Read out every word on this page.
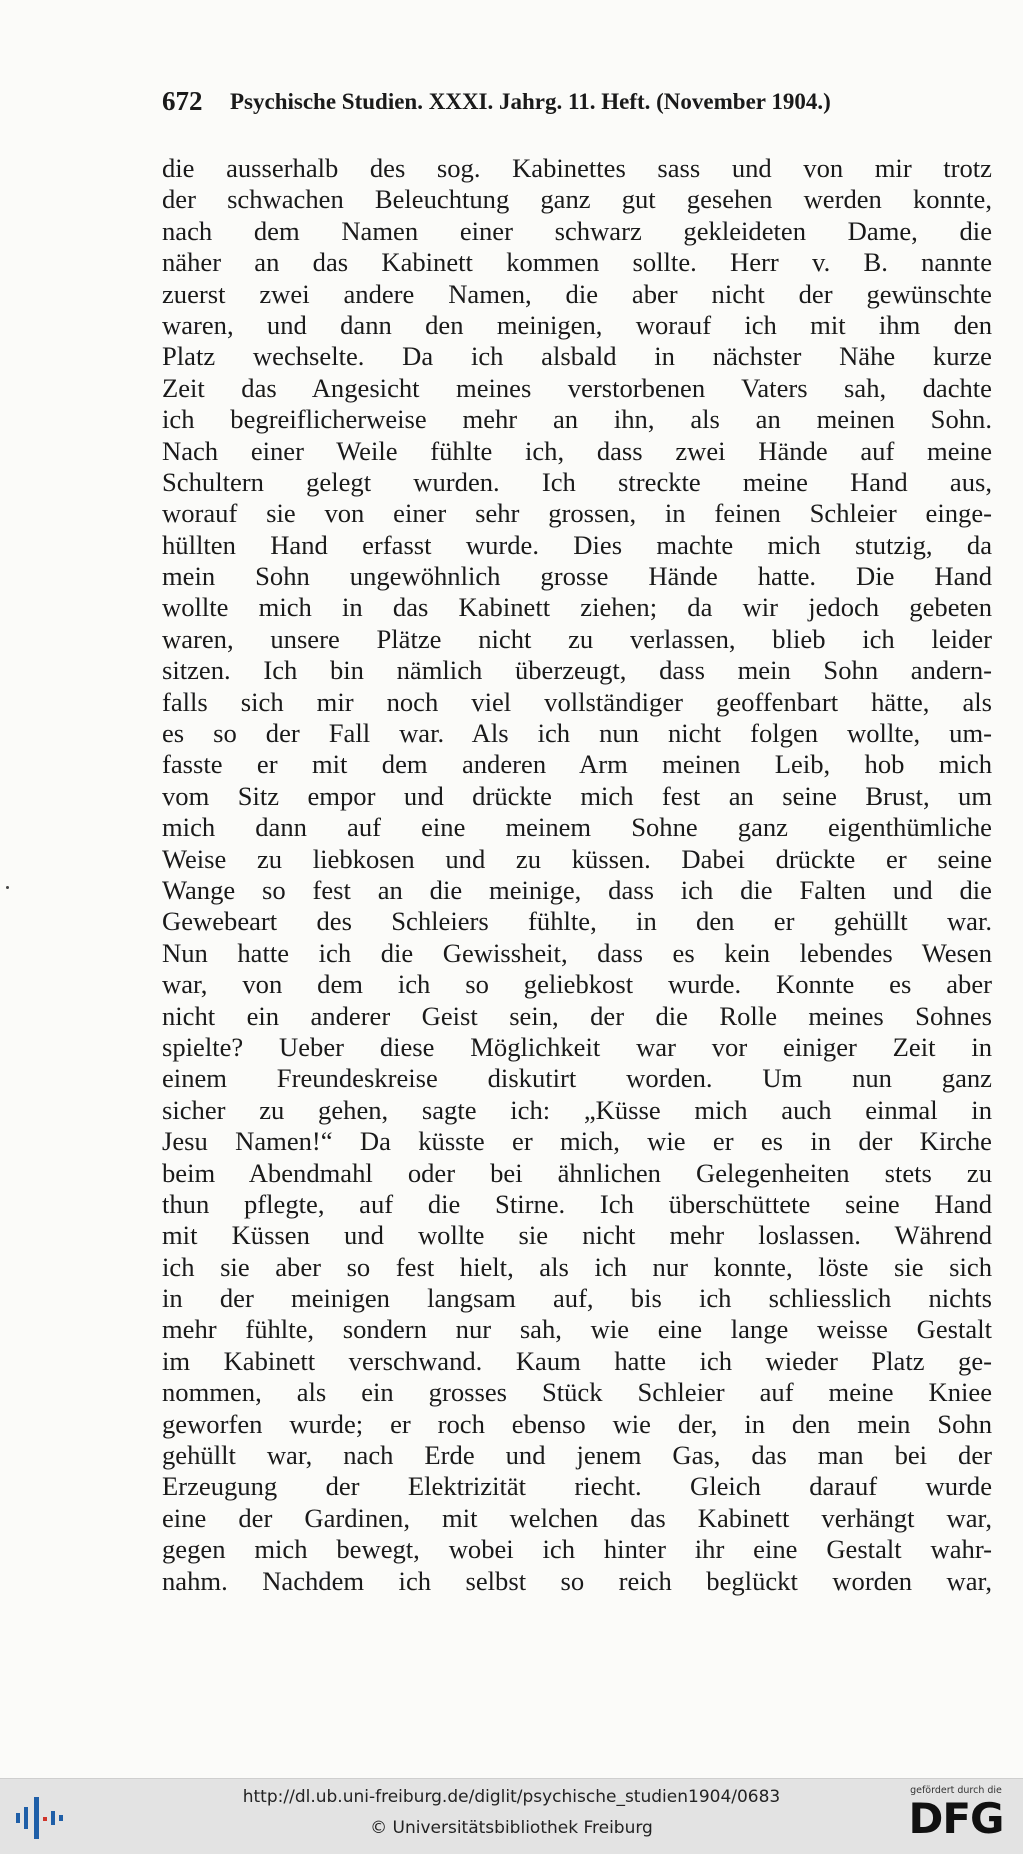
672 Psychische Studien. XXXI. Jahrg. 11. Heft. (November 1904.)
die ausserhalb des sog. Kabinettes sass und von mir trotz
der schwachen Beleuchtung ganz gut gesehen werden konnte,
nach dem Namen einer schwarz gekleideten Dame, die
näher an das Kabinett kommen sollte. Herr v. B. nannte
zuerst zwei andere Namen, die aber nicht der gewünschte
waren, und dann den meinigen, worauf ich mit ihm den
Platz wechselte. Da ich alsbald in nächster Nähe kurze
Zeit das Angesicht meines verstorbenen Vaters sah, dachte
ich begreiflicherweise mehr an ihn, als an meinen Sohn.
Nach einer Weile fühlte ich, dass zwei Hände auf meine
Schultern gelegt wurden. Ich streckte meine Hand aus,
worauf sie von einer sehr grossen, in feinen Schleier einge-
hüllten Hand erfasst wurde. Dies machte mich stutzig, da
mein Sohn ungewöhnlich grosse Hände hatte. Die Hand
wollte mich in das Kabinett ziehen; da wir jedoch gebeten
waren, unsere Plätze nicht zu verlassen, blieb ich leider
sitzen. Ich bin nämlich überzeugt, dass mein Sohn andern-
falls sich mir noch viel vollständiger geoffenbart hätte, als
es so der Fall war. Als ich nun nicht folgen wollte, um-
fasste er mit dem anderen Arm meinen Leib, hob mich
vom Sitz empor und drückte mich fest an seine Brust, um
mich dann auf eine meinem Sohne ganz eigenthümliche
Weise zu liebkosen und zu küssen. Dabei drückte er seine
Wange so fest an die meinige, dass ich die Falten und die
Gewebeart des Schleiers fühlte, in den er gehüllt war.
Nun hatte ich die Gewissheit, dass es kein lebendes Wesen
war, von dem ich so geliebkost wurde. Konnte es aber
nicht ein anderer Geist sein, der die Rolle meines Sohnes
spielte? Ueber diese Möglichkeit war vor einiger Zeit in
einem Freundeskreise diskutirt worden. Um nun ganz
sicher zu gehen, sagte ich: „Küsse mich auch einmal in
Jesu Namen!“ Da küsste er mich, wie er es in der Kirche
beim Abendmahl oder bei ähnlichen Gelegenheiten stets zu
thun pflegte, auf die Stirne. Ich überschüttete seine Hand
mit Küssen und wollte sie nicht mehr loslassen. Während
ich sie aber so fest hielt, als ich nur konnte, löste sie sich
in der meinigen langsam auf, bis ich schliesslich nichts
mehr fühlte, sondern nur sah, wie eine lange weisse Gestalt
im Kabinett verschwand. Kaum hatte ich wieder Platz ge-
nommen, als ein grosses Stück Schleier auf meine Kniee
geworfen wurde; er roch ebenso wie der, in den mein Sohn
gehüllt war, nach Erde und jenem Gas, das man bei der
Erzeugung der Elektrizität riecht. Gleich darauf wurde
eine der Gardinen, mit welchen das Kabinett verhängt war,
gegen mich bewegt, wobei ich hinter ihr eine Gestalt wahr-
nahm. Nachdem ich selbst so reich beglückt worden war,
http://dl.ub.uni-freiburg.de/diglit/psychische_studien1904/0683
© Universitätsbibliothek Freiburg
gefördert durch die
DFG
